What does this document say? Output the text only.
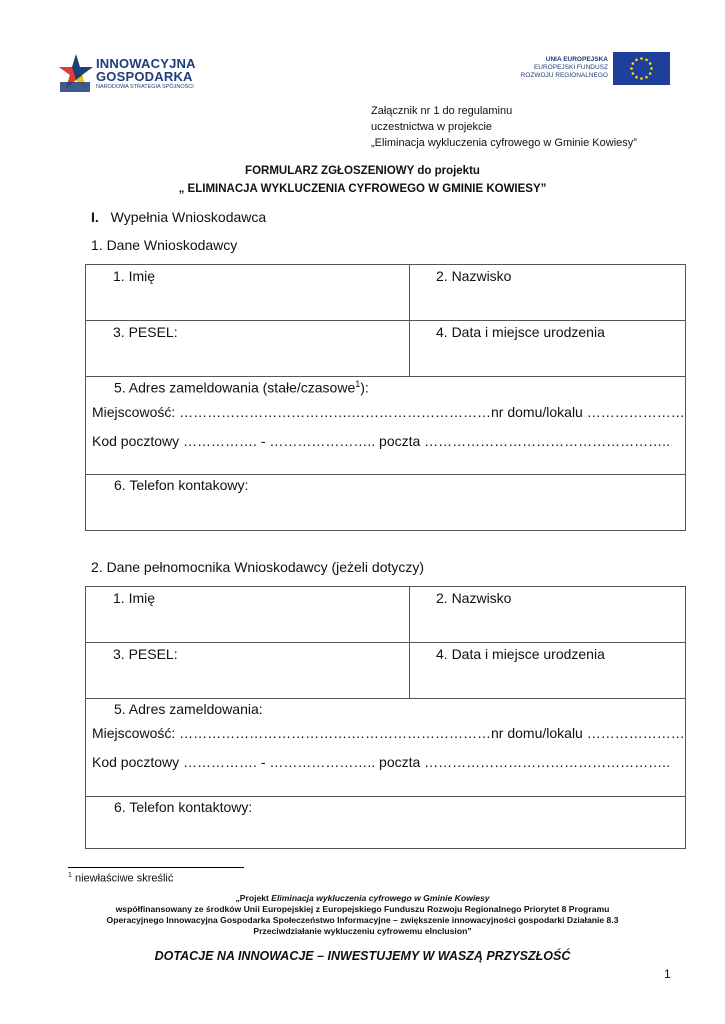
INNOWACYJNA
GOSPODARKA
NARODOWA STRATEGIA SPÓJNOŚCI
UNIA EUROPEJSKA
EUROPEJSKI FUNDUSZ
ROZWOJU REGIONALNEGO
Załącznik nr 1 do regulaminu
uczestnictwa w projekcie
„Eliminacja wykluczenia cyfrowego w Gminie Kowiesy”
FORMULARZ ZGŁOSZENIOWY do projektu
„ ELIMINACJA WYKLUCZENIA CYFROWEGO W GMINIE KOWIESY”
I. Wypełnia Wnioskodawca
1. Dane Wnioskodawcy
1. Imię	2. Nazwisko
3. PESEL:	4. Data i miejsce urodzenia

5. Adres zameldowania (stałe/czasowe$^1$):
Miejscowość: ……………………………….…………………………nr domu/lokalu …………………
Kod pocztowy ……………. - ………………….. poczta ……………………………………………..	

6. Telefon kontakowy:	
2. Dane pełnomocnika Wnioskodawcy (jeżeli dotyczy)
1. Imię	2. Nazwisko
3. PESEL:	4. Data i miejsce urodzenia

5. Adres zameldowania:
Miejscowość: ……………………………….…………………………nr domu/lokalu …………………
Kod pocztowy ……………. - ………………….. poczta ……………………………………………..	

6. Telefon kontaktowy:	
$^1$ niewłaściwe skreślić
„Projekt Eliminacja wykluczenia cyfrowego w Gminie Kowiesy
współfinansowany ze środków Unii Europejskiej z Europejskiego Funduszu Rozwoju Regionalnego Priorytet 8 Programu
Operacyjnego Innowacyjna Gospodarka Społeczeństwo Informacyjne – zwiększenie innowacyjności gospodarki Działanie 8.3
Przeciwdziałanie wykluczeniu cyfrowemu eInclusion”
DOTACJE NA INNOWACJE – INWESTUJEMY W WASZĄ PRZYSZŁOŚĆ
1
